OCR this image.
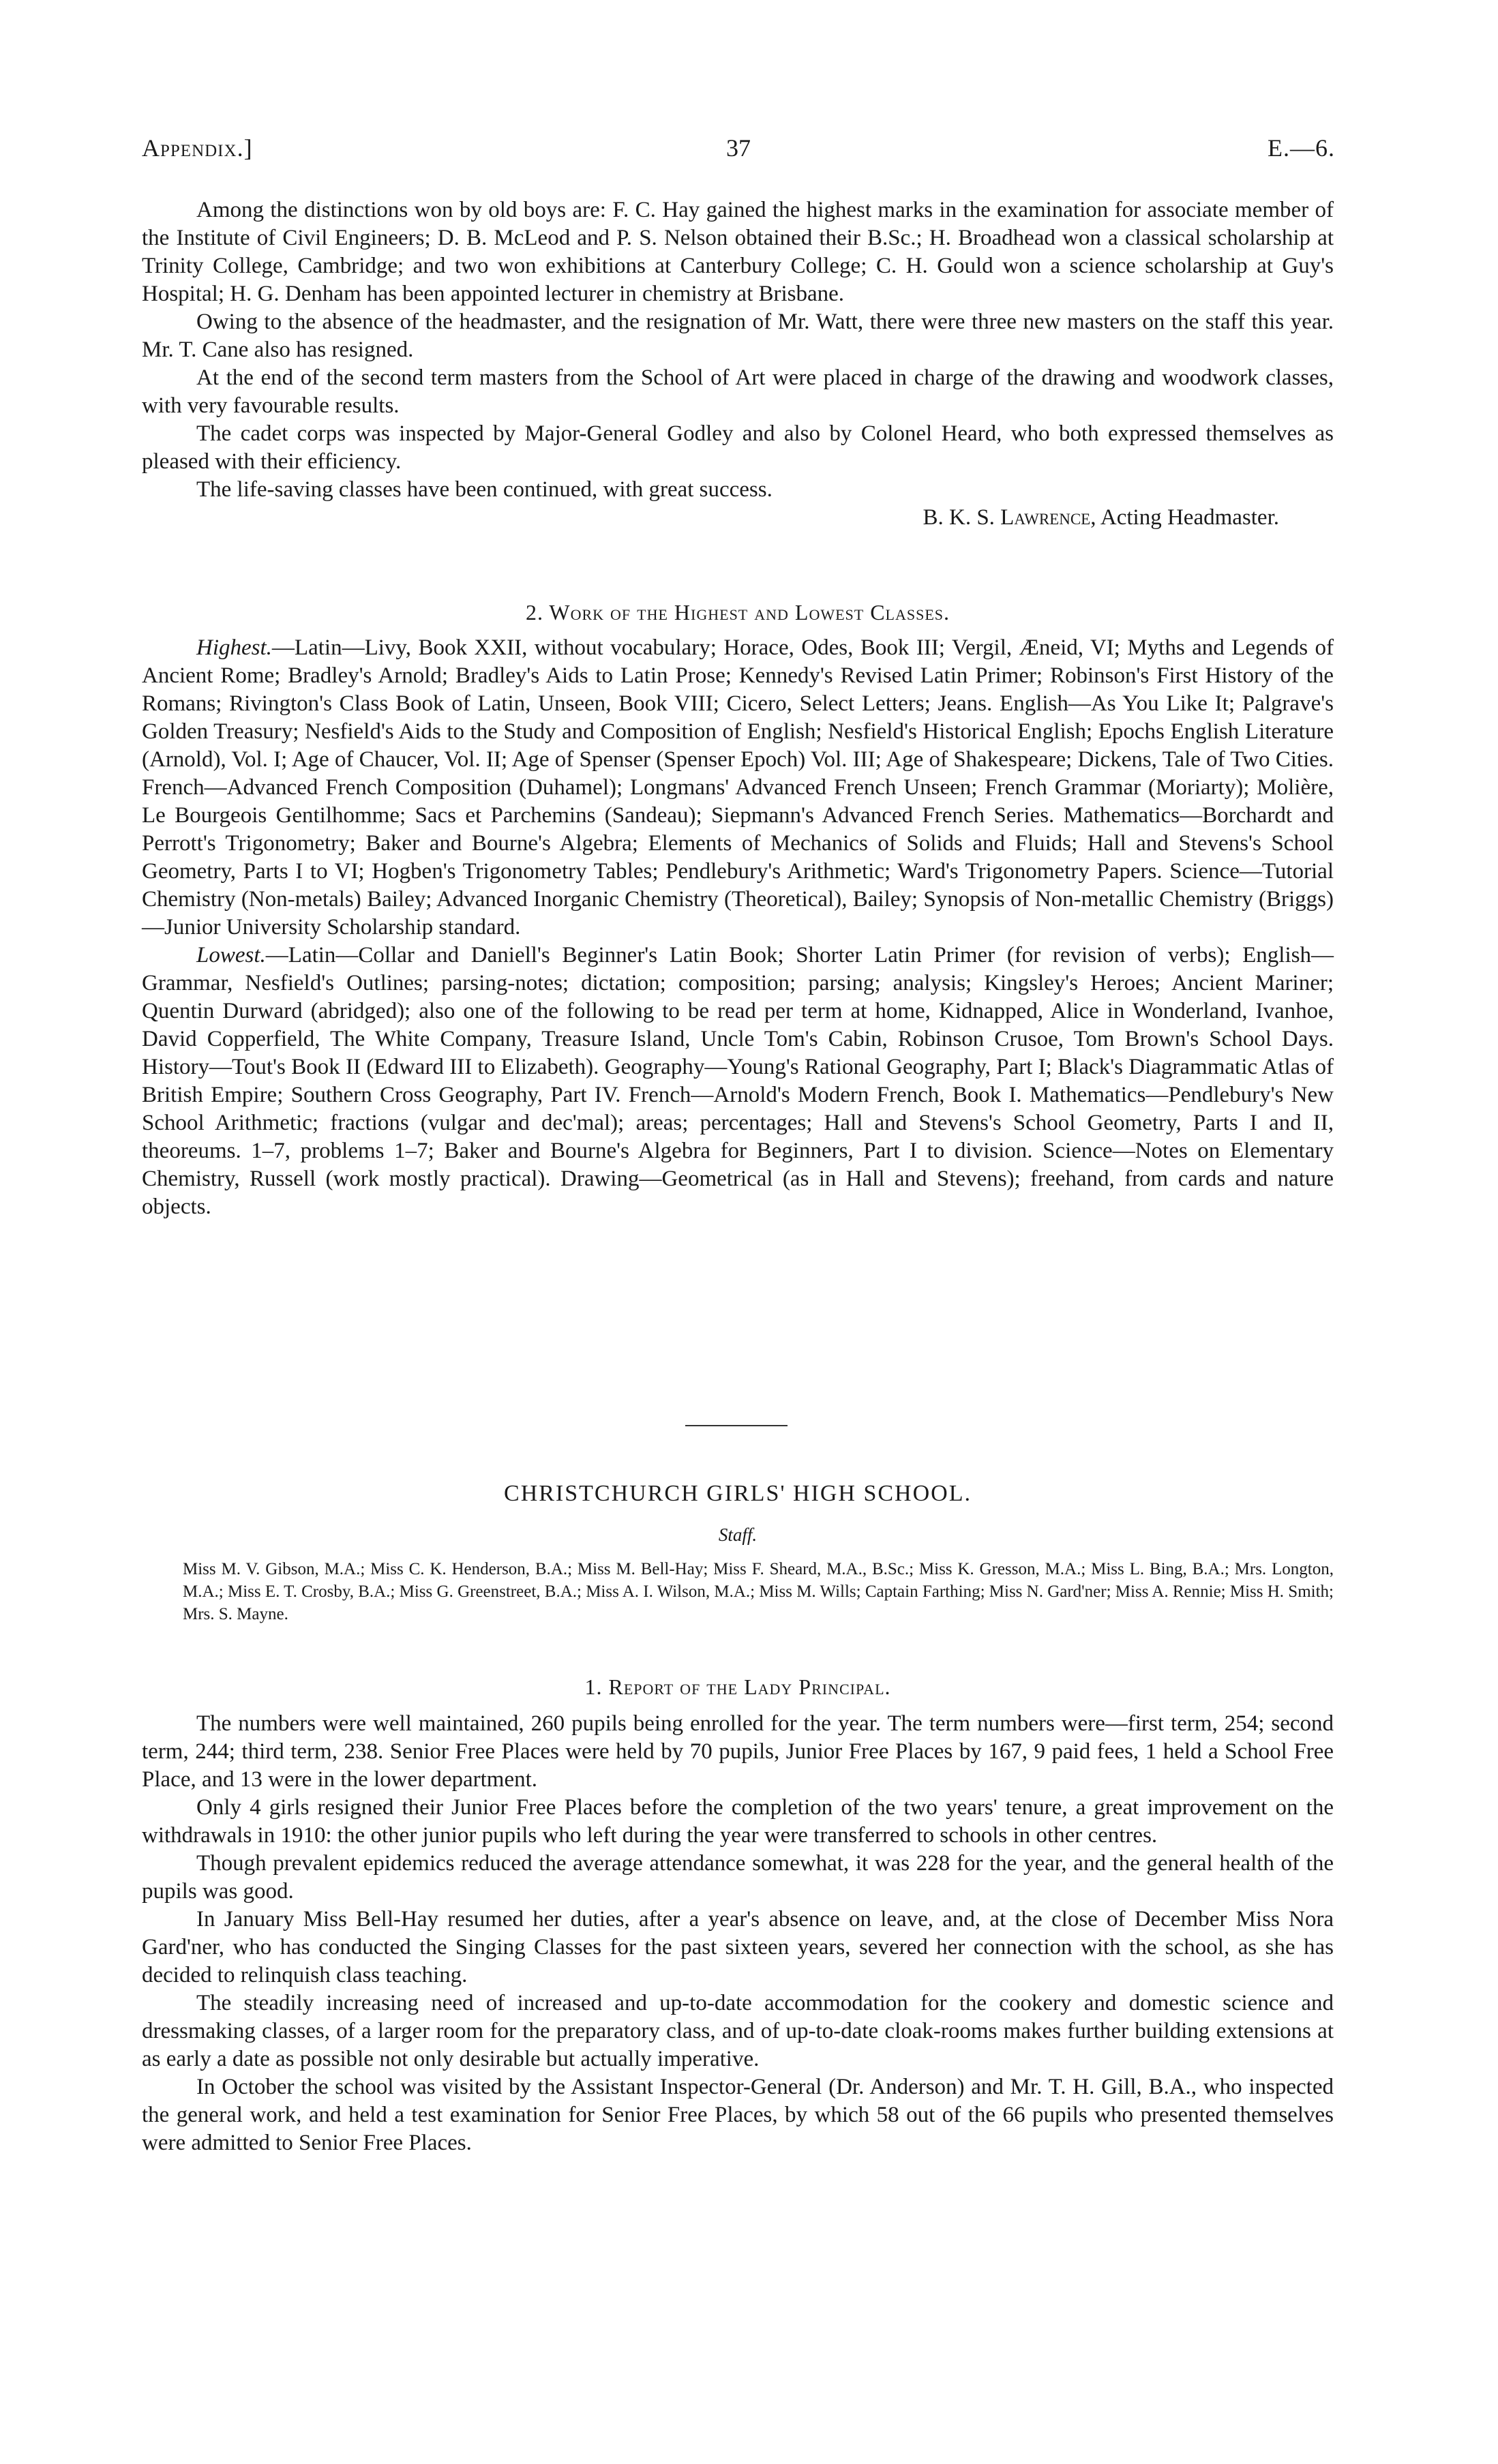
Appendix.]	37	E.—6.

Among the distinctions won by old boys are: F. C. Hay gained the highest marks in the examination for associate member of the Institute of Civil Engineers; D. B. McLeod and P. S. Nelson obtained their B.Sc.; H. Broadhead won a classical scholarship at Trinity College, Cambridge; and two won exhibitions at Canterbury College; C. H. Gould won a science scholarship at Guy's Hospital; H. G. Denham has been appointed lecturer in chemistry at Brisbane.

Owing to the absence of the headmaster, and the resignation of Mr. Watt, there were three new masters on the staff this year. Mr. T. Cane also has resigned.

At the end of the second term masters from the School of Art were placed in charge of the drawing and woodwork classes, with very favourable results.

The cadet corps was inspected by Major-General Godley and also by Colonel Heard, who both expressed themselves as pleased with their efficiency.

The life-saving classes have been continued, with great success.

B. K. S. Lawrence, Acting Headmaster.
2. Work of the Highest and Lowest Classes.

Highest.—Latin—Livy, Book XXII, without vocabulary; Horace, Odes, Book III; Vergil, Æneid, VI; Myths and Legends of Ancient Rome; Bradley's Arnold; Bradley's Aids to Latin Prose; Kennedy's Revised Latin Primer; Robinson's First History of the Romans; Rivington's Class Book of Latin, Unseen, Book VIII; Cicero, Select Letters; Jeans. English—As You Like It; Palgrave's Golden Treasury; Nesfield's Aids to the Study and Composition of English; Nesfield's Historical English; Epochs English Literature (Arnold), Vol. I; Age of Chaucer, Vol. II; Age of Spenser (Spenser Epoch) Vol. III; Age of Shakespeare; Dickens, Tale of Two Cities. French—Advanced French Composition (Duhamel); Longmans' Advanced French Unseen; French Grammar (Moriarty); Molière, Le Bourgeois Gentilhomme; Sacs et Parchemins (Sandeau); Siepmann's Advanced French Series. Mathematics—Borchardt and Perrott's Trigonometry; Baker and Bourne's Algebra; Elements of Mechanics of Solids and Fluids; Hall and Stevens's School Geometry, Parts I to VI; Hogben's Trigonometry Tables; Pendlebury's Arithmetic; Ward's Trigonometry Papers. Science—Tutorial Chemistry (Non-metals) Bailey; Advanced Inorganic Chemistry (Theoretical), Bailey; Synopsis of Non-metallic Chemistry (Briggs)—Junior University Scholarship standard.

Lowest.—Latin—Collar and Daniell's Beginner's Latin Book; Shorter Latin Primer (for revision of verbs); English—Grammar, Nesfield's Outlines; parsing-notes; dictation; composition; parsing; analysis; Kingsley's Heroes; Ancient Mariner; Quentin Durward (abridged); also one of the following to be read per term at home, Kidnapped, Alice in Wonderland, Ivanhoe, David Copperfield, The White Company, Treasure Island, Uncle Tom's Cabin, Robinson Crusoe, Tom Brown's School Days. History—Tout's Book II (Edward III to Elizabeth). Geography—Young's Rational Geography, Part I; Black's Diagrammatic Atlas of British Empire; Southern Cross Geography, Part IV. French—Arnold's Modern French, Book I. Mathematics—Pendlebury's New School Arithmetic; fractions (vulgar and dec'mal); areas; percentages; Hall and Stevens's School Geometry, Parts I and II, theoreums. 1–7, problems 1–7; Baker and Bourne's Algebra for Beginners, Part I to division. Science—Notes on Elementary Chemistry, Russell (work mostly practical). Drawing—Geometrical (as in Hall and Stevens); freehand, from cards and nature objects.

CHRISTCHURCH GIRLS' HIGH SCHOOL.
Staff.
Miss M. V. Gibson, M.A.; Miss C. K. Henderson, B.A.; Miss M. Bell-Hay; Miss F. Sheard, M.A., B.Sc.; Miss K. Gresson, M.A.; Miss L. Bing, B.A.; Mrs. Longton, M.A.; Miss E. T. Crosby, B.A.; Miss G. Greenstreet, B.A.; Miss A. I. Wilson, M.A.; Miss M. Wills; Captain Farthing; Miss N. Gard'ner; Miss A. Rennie; Miss H. Smith; Mrs. S. Mayne.
1. Report of the Lady Principal.

The numbers were well maintained, 260 pupils being enrolled for the year. The term numbers were—first term, 254; second term, 244; third term, 238. Senior Free Places were held by 70 pupils, Junior Free Places by 167, 9 paid fees, 1 held a School Free Place, and 13 were in the lower department.

Only 4 girls resigned their Junior Free Places before the completion of the two years' tenure, a great improvement on the withdrawals in 1910: the other junior pupils who left during the year were transferred to schools in other centres.

Though prevalent epidemics reduced the average attendance somewhat, it was 228 for the year, and the general health of the pupils was good.

In January Miss Bell-Hay resumed her duties, after a year's absence on leave, and, at the close of December Miss Nora Gard'ner, who has conducted the Singing Classes for the past sixteen years, severed her connection with the school, as she has decided to relinquish class teaching.

The steadily increasing need of increased and up-to-date accommodation for the cookery and domestic science and dressmaking classes, of a larger room for the preparatory class, and of up-to-date cloak-rooms makes further building extensions at as early a date as possible not only desirable but actually imperative.

In October the school was visited by the Assistant Inspector-General (Dr. Anderson) and Mr. T. H. Gill, B.A., who inspected the general work, and held a test examination for Senior Free Places, by which 58 out of the 66 pupils who presented themselves were admitted to Senior Free Places.
